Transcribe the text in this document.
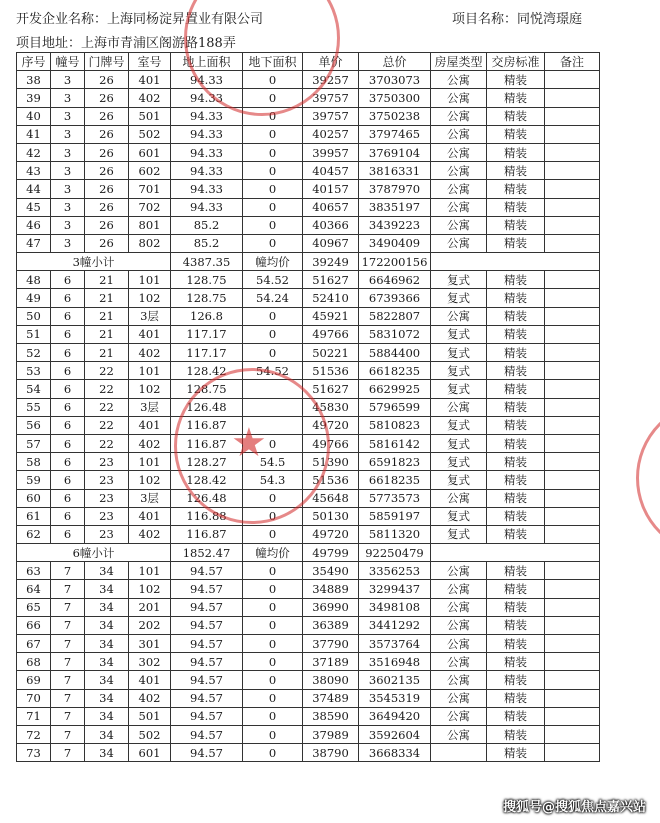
开发企业名称：上海同杨淀昇置业有限公司	项目名称：同悦湾璟庭
项目地址：上海市青浦区阁游路188弄
序号	幢号	门牌号	室号	地上面积	地下面积	单价	总价	房屋类型	交房标准	备注
38	3	26	401	94.33	0	39257	3703073	公寓	精装	
39	3	26	402	94.33	0	39757	3750300	公寓	精装	
40	3	26	501	94.33	0	39757	3750238	公寓	精装	
41	3	26	502	94.33	0	40257	3797465	公寓	精装	
42	3	26	601	94.33	0	39957	3769104	公寓	精装	
43	3	26	602	94.33	0	40457	3816331	公寓	精装	
44	3	26	701	94.33	0	40157	3787970	公寓	精装	
45	3	26	702	94.33	0	40657	3835197	公寓	精装	
46	3	26	801	85.2	0	40366	3439223	公寓	精装	
47	3	26	802	85.2	0	40967	3490409	公寓	精装	
3幢小计				4387.35	幢均价	39249	172200156			
48	6	21	101	128.75	54.52	51627	6646962	复式	精装	
49	6	21	102	128.75	54.24	52410	6739366	复式	精装	
50	6	21	3层	126.8	0	45921	5822807	公寓	精装	
51	6	21	401	117.17	0	49766	5831072	复式	精装	
52	6	21	402	117.17	0	50221	5884400	复式	精装	
53	6	22	101	128.42	54.52	51536	6618235	复式	精装	
54	6	22	102	128.75		51627	6629925	复式	精装	
55	6	22	3层	126.48		45830	5796599	公寓	精装	
56	6	22	401	116.87		49720	5810823	复式	精装	
57	6	22	402	116.87	0	49766	5816142	复式	精装	
58	6	23	101	128.27	54.5	51390	6591823	复式	精装	
59	6	23	102	128.42	54.3	51536	6618235	复式	精装	
60	6	23	3层	126.48	0	45648	5773573	公寓	精装	
61	6	23	401	116.88	0	50130	5859197	复式	精装	
62	6	23	402	116.87	0	49720	5811320	复式	精装	
6幢小计				1852.47	幢均价	49799	92250479			
63	7	34	101	94.57	0	35490	3356253	公寓	精装	
64	7	34	102	94.57	0	34889	3299437	公寓	精装	
65	7	34	201	94.57	0	36990	3498108	公寓	精装	
66	7	34	202	94.57	0	36389	3441292	公寓	精装	
67	7	34	301	94.57	0	37790	3573764	公寓	精装	
68	7	34	302	94.57	0	37189	3516948	公寓	精装	
69	7	34	401	94.57	0	38090	3602135	公寓	精装	
70	7	34	402	94.57	0	37489	3545319	公寓	精装	
71	7	34	501	94.57	0	38590	3649420	公寓	精装	
72	7	34	502	94.57	0	37989	3592604	公寓	精装	
73	7	34	601	94.57	0	38790	3668334		精装	
★
搜狐号@搜狐焦点嘉兴站
